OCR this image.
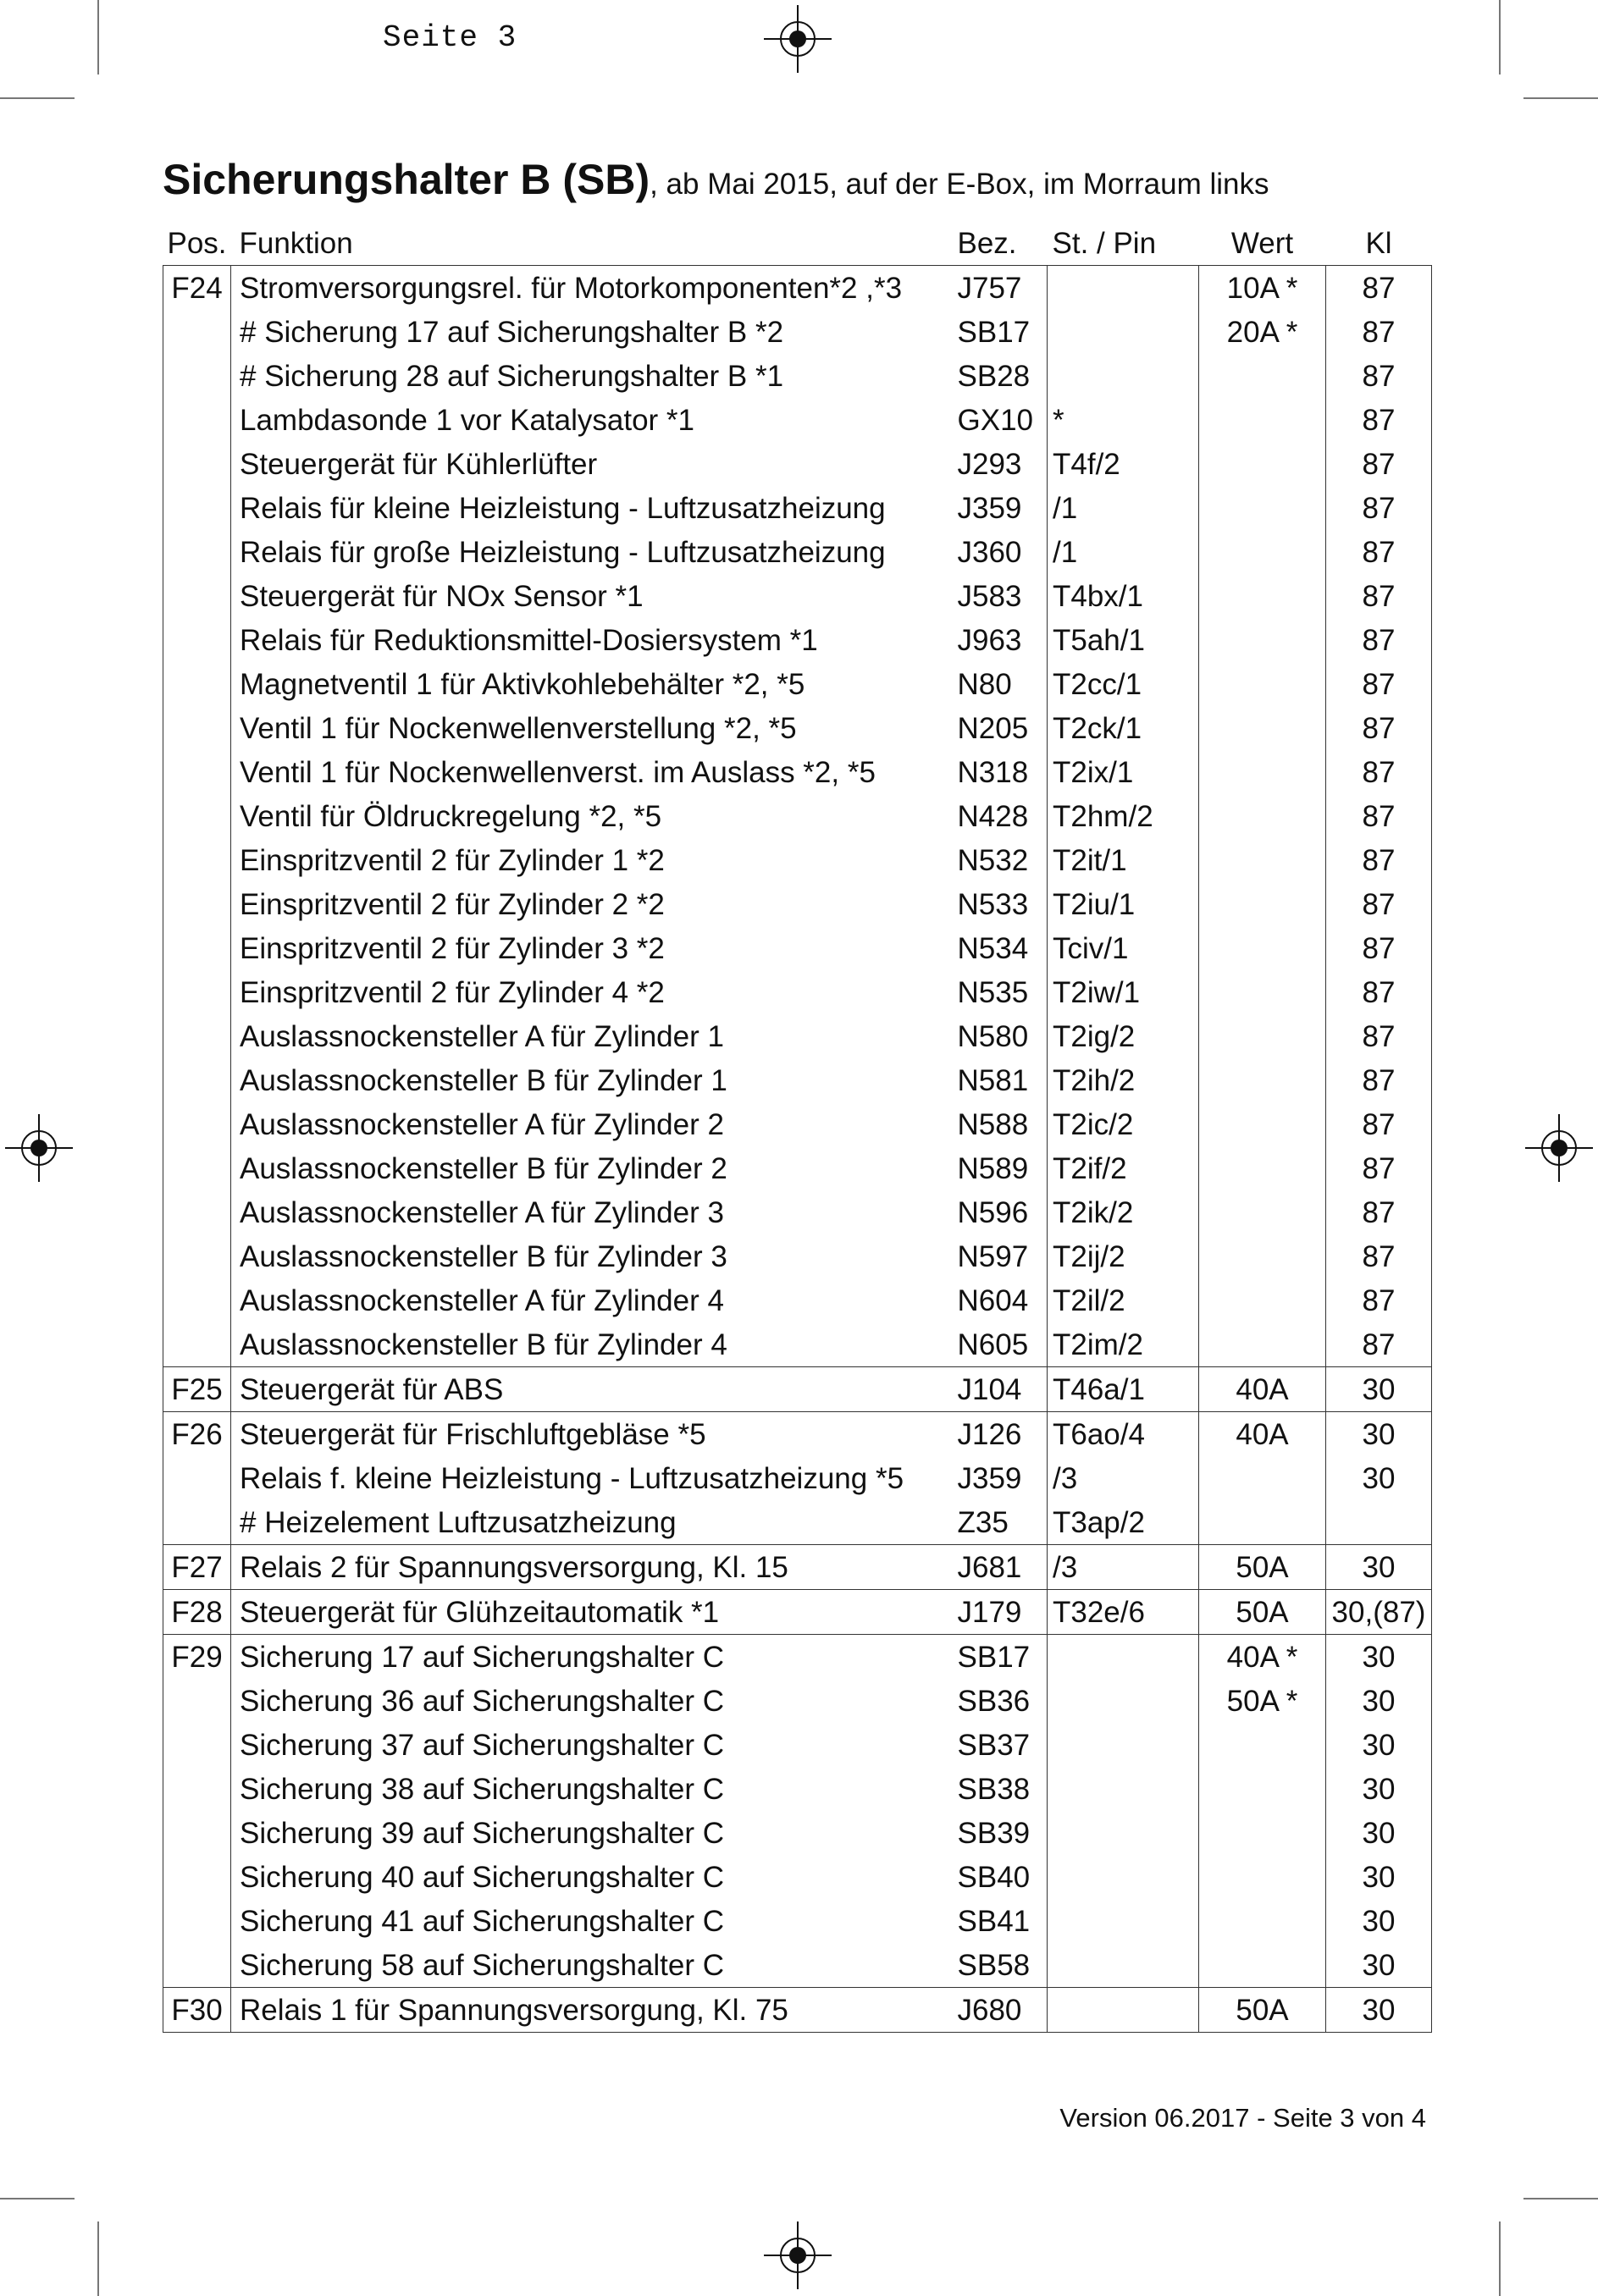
Seite 3
Sicherungshalter B (SB), ab Mai 2015, auf der E-Box, im Morraum links
Pos.	Funktion	Bez.	St. / Pin	Wert	Kl
F24	Stromversorgungsrel. für Motorkomponenten*2 ,*3	J757		10A *	87
	# Sicherung 17 auf Sicherungshalter B *2	SB17		20A *	87
	# Sicherung 28 auf Sicherungshalter B *1	SB28			87
	Lambdasonde 1 vor Katalysator *1	GX10	*		87
	Steuergerät für Kühlerlüfter	J293	T4f/2		87
	Relais für kleine Heizleistung - Luftzusatzheizung	J359	/1		87
	Relais für große Heizleistung - Luftzusatzheizung	J360	/1		87
	Steuergerät für NOx Sensor *1	J583	T4bx/1		87
	Relais für Reduktionsmittel-Dosiersystem *1	J963	T5ah/1		87
	Magnetventil 1 für Aktivkohlebehälter *2, *5	N80	T2cc/1		87
	Ventil 1 für Nockenwellenverstellung *2, *5	N205	T2ck/1		87
	Ventil 1 für Nockenwellenverst. im Auslass *2, *5	N318	T2ix/1		87
	Ventil für Öldruckregelung *2, *5	N428	T2hm/2		87
	Einspritzventil 2 für Zylinder 1 *2	N532	T2it/1		87
	Einspritzventil 2 für Zylinder 2 *2	N533	T2iu/1		87
	Einspritzventil 2 für Zylinder 3 *2	N534	Tciv/1		87
	Einspritzventil 2 für Zylinder 4 *2	N535	T2iw/1		87
	Auslassnockensteller A für Zylinder 1	N580	T2ig/2		87
	Auslassnockensteller B für Zylinder 1	N581	T2ih/2		87
	Auslassnockensteller A für Zylinder 2	N588	T2ic/2		87
	Auslassnockensteller B für Zylinder 2	N589	T2if/2		87
	Auslassnockensteller A für Zylinder 3	N596	T2ik/2		87
	Auslassnockensteller B für Zylinder 3	N597	T2ij/2		87
	Auslassnockensteller A für Zylinder 4	N604	T2il/2		87
	Auslassnockensteller B für Zylinder 4	N605	T2im/2		87
F25	Steuergerät für ABS	J104	T46a/1	40A	30
F26	Steuergerät für Frischluftgebläse *5	J126	T6ao/4	40A	30
	Relais f. kleine Heizleistung - Luftzusatzheizung *5	J359	/3		30
	# Heizelement Luftzusatzheizung	Z35	T3ap/2		
F27	Relais 2 für Spannungsversorgung, Kl. 15	J681	/3	50A	30
F28	Steuergerät für Glühzeitautomatik *1	J179	T32e/6	50A	30,(87)
F29	Sicherung 17 auf Sicherungshalter C	SB17		40A *	30
	Sicherung 36 auf Sicherungshalter C	SB36		50A *	30
	Sicherung 37 auf Sicherungshalter C	SB37			30
	Sicherung 38 auf Sicherungshalter C	SB38			30
	Sicherung 39 auf Sicherungshalter C	SB39			30
	Sicherung 40 auf Sicherungshalter C	SB40			30
	Sicherung 41 auf Sicherungshalter C	SB41			30
	Sicherung 58 auf Sicherungshalter C	SB58			30
F30	Relais 1 für Spannungsversorgung, Kl. 75	J680		50A	30
Version 06.2017 - Seite 3 von 4
